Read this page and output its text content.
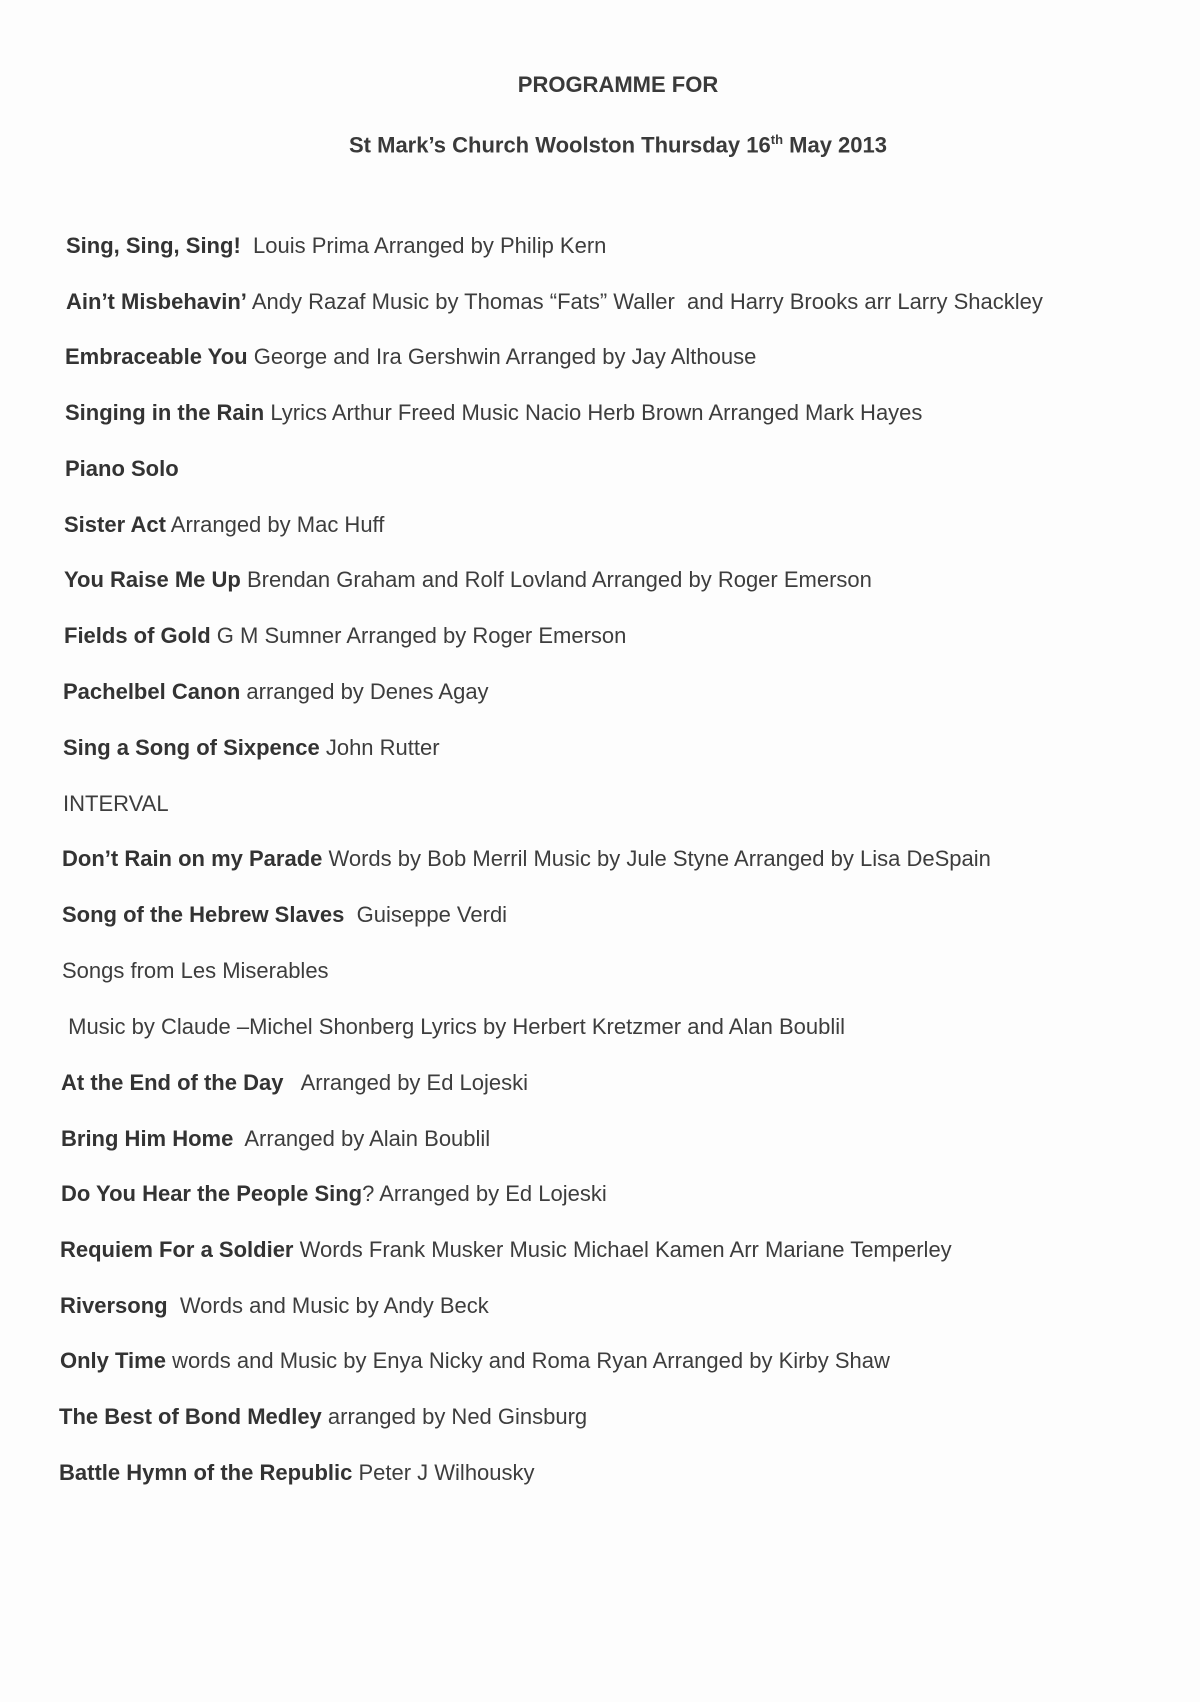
PROGRAMME FOR
St Mark’s Church Woolston Thursday 16th May 2013
Sing, Sing, Sing!  Louis Prima Arranged by Philip Kern
Ain’t Misbehavin’ Andy Razaf Music by Thomas “Fats” Waller  and Harry Brooks arr Larry Shackley
Embraceable You George and Ira Gershwin Arranged by Jay Althouse
Singing in the Rain Lyrics Arthur Freed Music Nacio Herb Brown Arranged Mark Hayes
Piano Solo
Sister Act Arranged by Mac Huff
You Raise Me Up Brendan Graham and Rolf Lovland Arranged by Roger Emerson
Fields of Gold G M Sumner Arranged by Roger Emerson
Pachelbel Canon arranged by Denes Agay
Sing a Song of Sixpence John Rutter
INTERVAL
Don’t Rain on my Parade Words by Bob Merril Music by Jule Styne Arranged by Lisa DeSpain
Song of the Hebrew Slaves  Guiseppe Verdi
Songs from Les Miserables
Music by Claude –Michel Shonberg Lyrics by Herbert Kretzmer and Alan Boublil
At the End of the Day   Arranged by Ed Lojeski
Bring Him Home  Arranged by Alain Boublil
Do You Hear the People Sing? Arranged by Ed Lojeski
Requiem For a Soldier Words Frank Musker Music Michael Kamen Arr Mariane Temperley
Riversong  Words and Music by Andy Beck
Only Time words and Music by Enya Nicky and Roma Ryan Arranged by Kirby Shaw
The Best of Bond Medley arranged by Ned Ginsburg
Battle Hymn of the Republic Peter J Wilhousky
